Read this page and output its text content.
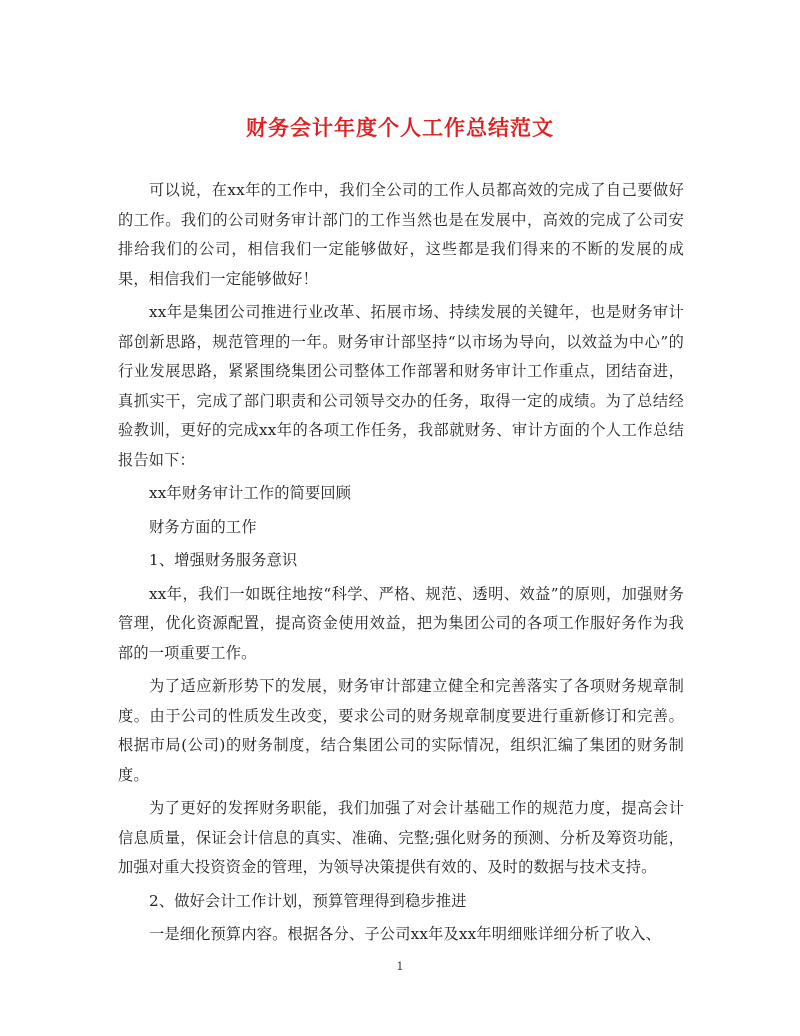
财务会计年度个人工作总结范文

可以说，在xx年的工作中，我们全公司的工作人员都高效的完成了自己要做好的工作。我们的公司财务审计部门的工作当然也是在发展中，高效的完成了公司安排给我们的公司，相信我们一定能够做好，这些都是我们得来的不断的发展的成果，相信我们一定能够做好！

xx年是集团公司推进行业改革、拓展市场、持续发展的关键年，也是财务审计部创新思路，规范管理的一年。财务审计部坚持“以市场为导向，以效益为中心”的行业发展思路，紧紧围绕集团公司整体工作部署和财务审计工作重点，团结奋进，真抓实干，完成了部门职责和公司领导交办的任务，取得一定的成绩。为了总结经验教训，更好的完成xx年的各项工作任务，我部就财务、审计方面的个人工作总结报告如下：

xx年财务审计工作的简要回顾

财务方面的工作

1、增强财务服务意识

xx年，我们一如既往地按“科学、严格、规范、透明、效益”的原则，加强财务管理，优化资源配置，提高资金使用效益，把为集团公司的各项工作服好务作为我部的一项重要工作。

为了适应新形势下的发展，财务审计部建立健全和完善落实了各项财务规章制度。由于公司的性质发生改变，要求公司的财务规章制度要进行重新修订和完善。根据市局(公司)的财务制度，结合集团公司的实际情况，组织汇编了集团的财务制度。

为了更好的发挥财务职能，我们加强了对会计基础工作的规范力度，提高会计信息质量，保证会计信息的真实、准确、完整;强化财务的预测、分析及筹资功能，加强对重大投资资金的管理，为领导决策提供有效的、及时的数据与技术支持。

2、做好会计工作计划，预算管理得到稳步推进

一是细化预算内容。根据各分、子公司xx年及xx年明细账详细分析了收入、

1
